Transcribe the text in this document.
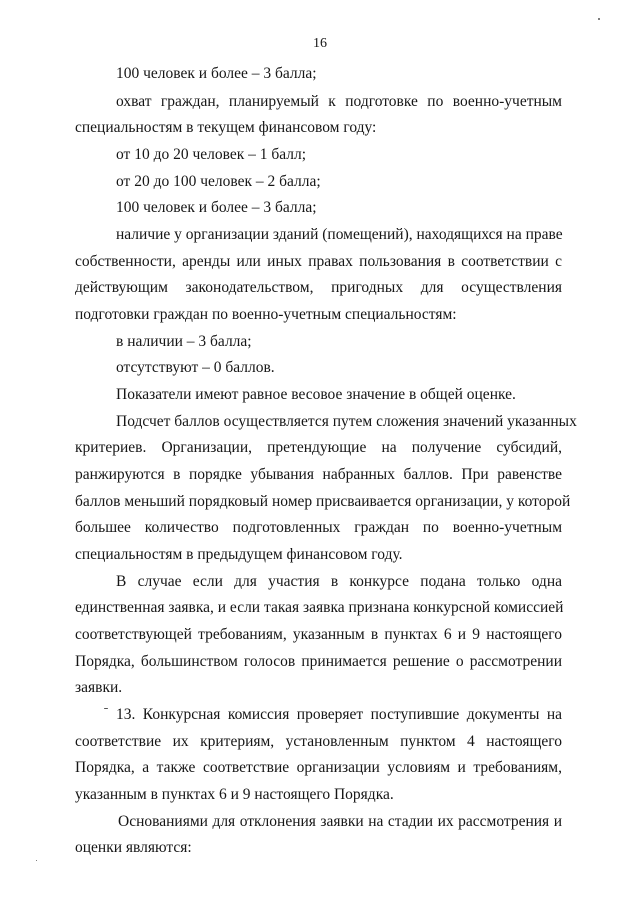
16
100 человек и более – 3 балла;
охват граждан, планируемый к подготовке по военно-учетным
специальностям в текущем финансовом году:
от 10 до 20 человек – 1 балл;
от 20 до 100 человек – 2 балла;
100 человек и более – 3 балла;
наличие у организации зданий (помещений), находящихся на праве
собственности, аренды или иных правах пользования в соответствии с
действующим законодательством, пригодных для осуществления
подготовки граждан по военно-учетным специальностям:
в наличии – 3 балла;
отсутствуют – 0 баллов.
Показатели имеют равное весовое значение в общей оценке.
Подсчет баллов осуществляется путем сложения значений указанных
критериев. Организации, претендующие на получение субсидий,
ранжируются в порядке убывания набранных баллов. При равенстве
баллов меньший порядковый номер присваивается организации, у которой
большее количество подготовленных граждан по военно-учетным
специальностям в предыдущем финансовом году.
В случае если для участия в конкурсе подана только одна
единственная заявка, и если такая заявка признана конкурсной комиссией
соответствующей требованиям, указанным в пунктах 6 и 9 настоящего
Порядка, большинством голосов принимается решение о рассмотрении
заявки.
13. Конкурсная комиссия проверяет поступившие документы на
соответствие их критериям, установленным пунктом 4 настоящего
Порядка, а также соответствие организации условиям и требованиям,
указанным в пунктах 6 и 9 настоящего Порядка.
Основаниями для отклонения заявки на стадии их рассмотрения и
оценки являются:
